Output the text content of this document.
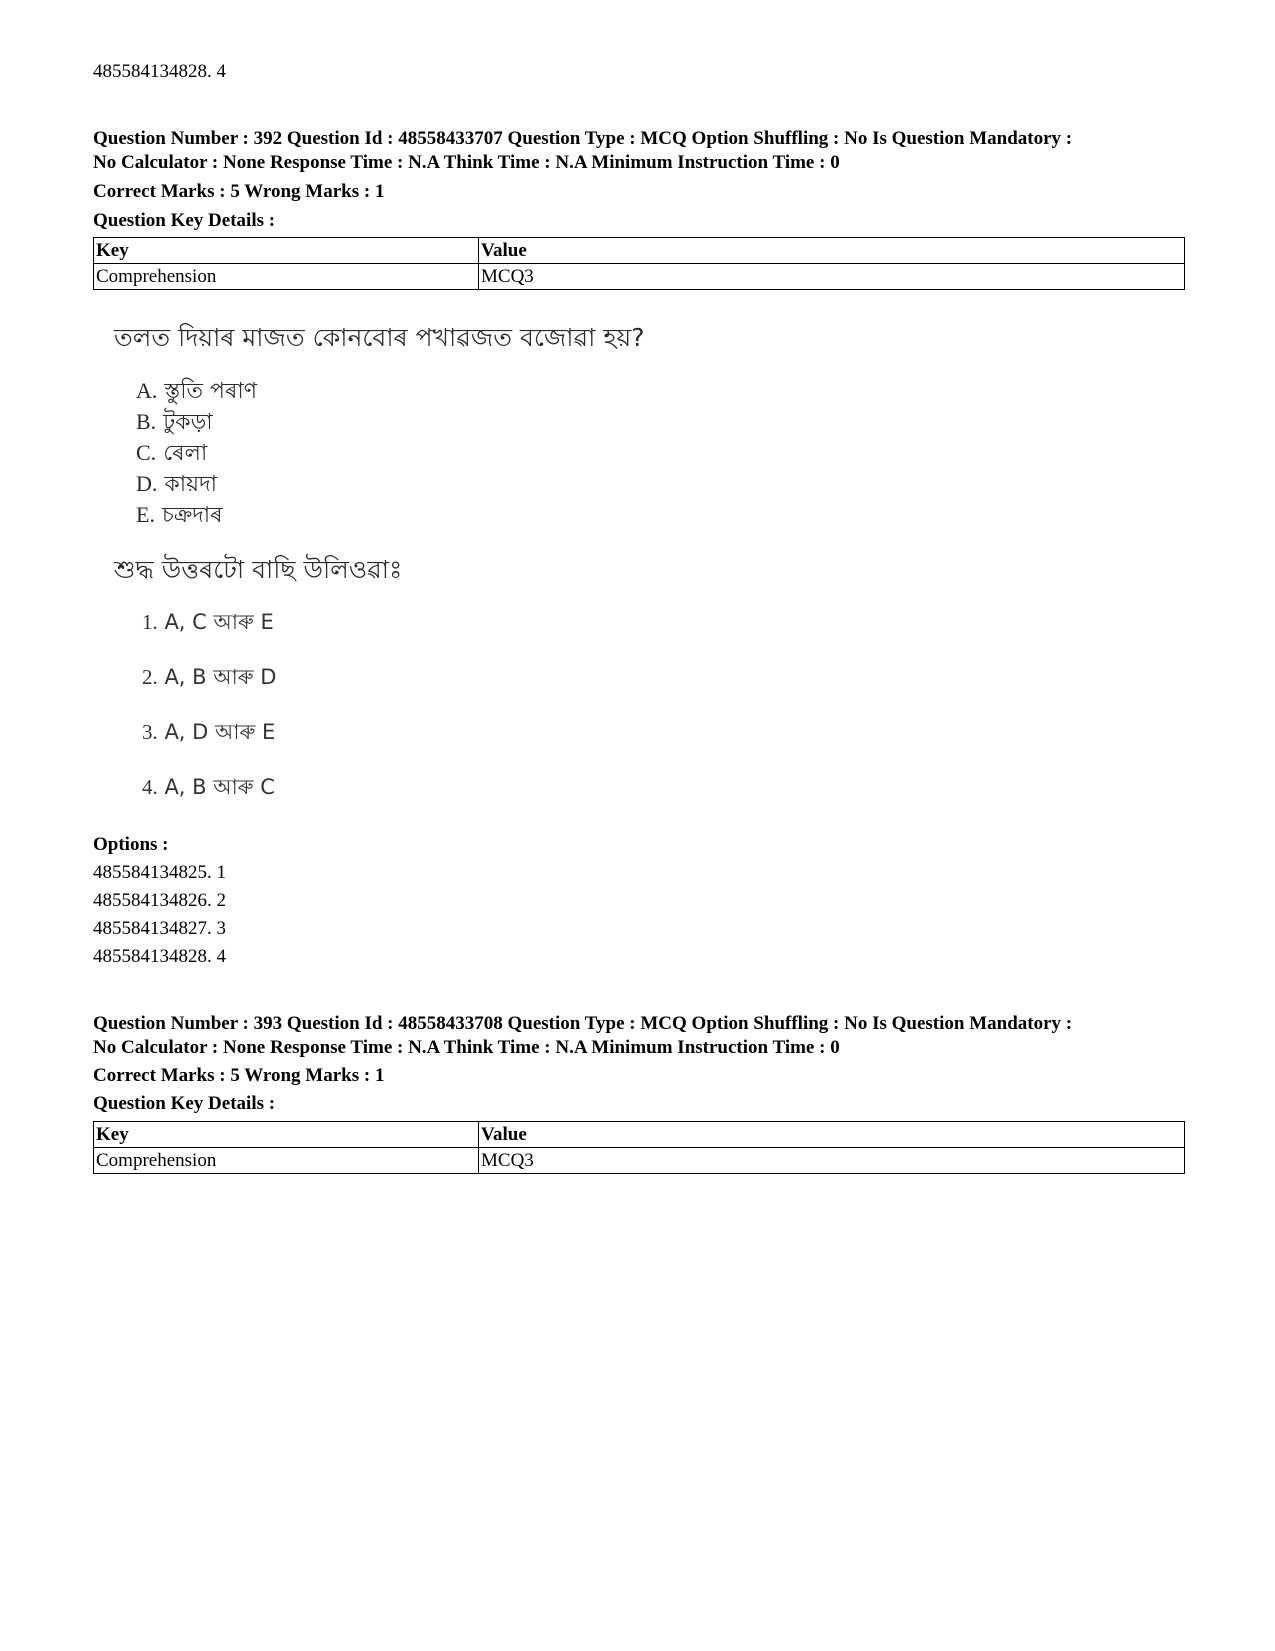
485584134828. 4
Question Number : 392 Question Id : 48558433707 Question Type : MCQ Option Shuffling : No Is Question Mandatory :
No Calculator : None Response Time : N.A Think Time : N.A Minimum Instruction Time : 0
Correct Marks : 5 Wrong Marks : 1
Question Key Details :
Key	Value
Comprehension	MCQ3
তলত দিয়াৰ মাজত কোনবোৰ পখাৱজত বজোৱা হয়?
A. স্তুতি পৰাণ
B. টুকড়া
C. ৰেলা
D. কায়দা
E. চক্ৰদাৰ
শুদ্ধ উত্তৰটো বাছি উলিওৱাঃ
1. A, C আৰু E
2. A, B আৰু D
3. A, D আৰু E
4. A, B আৰু C
Options :
485584134825. 1
485584134826. 2
485584134827. 3
485584134828. 4
Question Number : 393 Question Id : 48558433708 Question Type : MCQ Option Shuffling : No Is Question Mandatory :
No Calculator : None Response Time : N.A Think Time : N.A Minimum Instruction Time : 0
Correct Marks : 5 Wrong Marks : 1
Question Key Details :
Key	Value
Comprehension	MCQ3
